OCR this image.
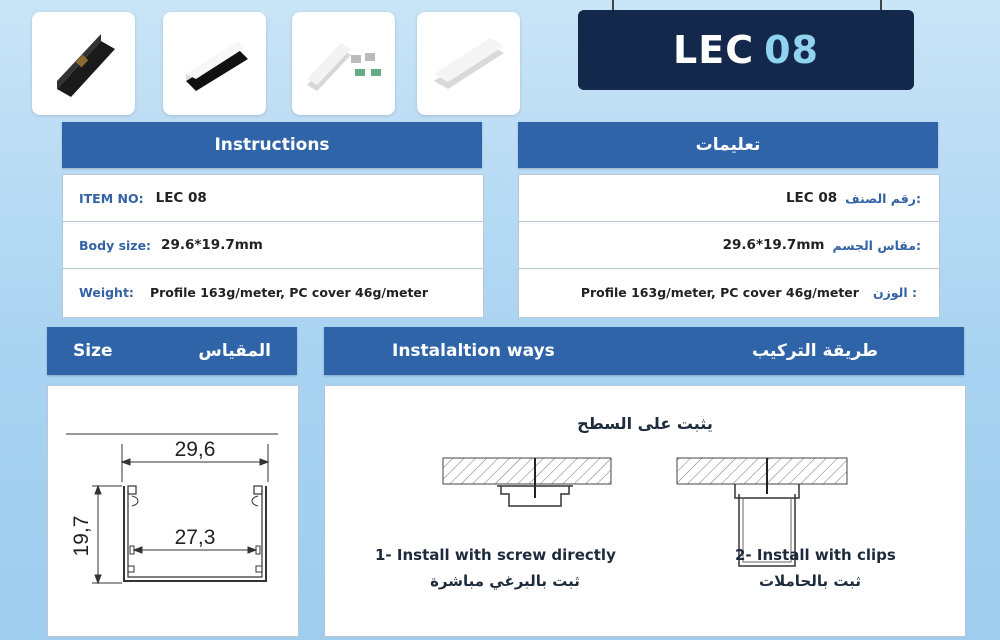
LEC 08
Instructions
ITEM NO: LEC 08
Body size: 29.6*19.7mm
Weight: Profile 163g/meter, PC cover 46g/meter
تعليمات
LEC 08 رقم الصنف:
29.6*19.7mm مقاس الجسم:
Profile 163g/meter, PC cover 46g/meter الوزن :
Size	المقياس
29,6
27,3
19,7
Instalaltion ways	طريقة التركيب
يثبت على السطح
1- Install with screw directly
ثبت بالبرغي مباشرة
2- Install with clips
ثبت بالحاملات
